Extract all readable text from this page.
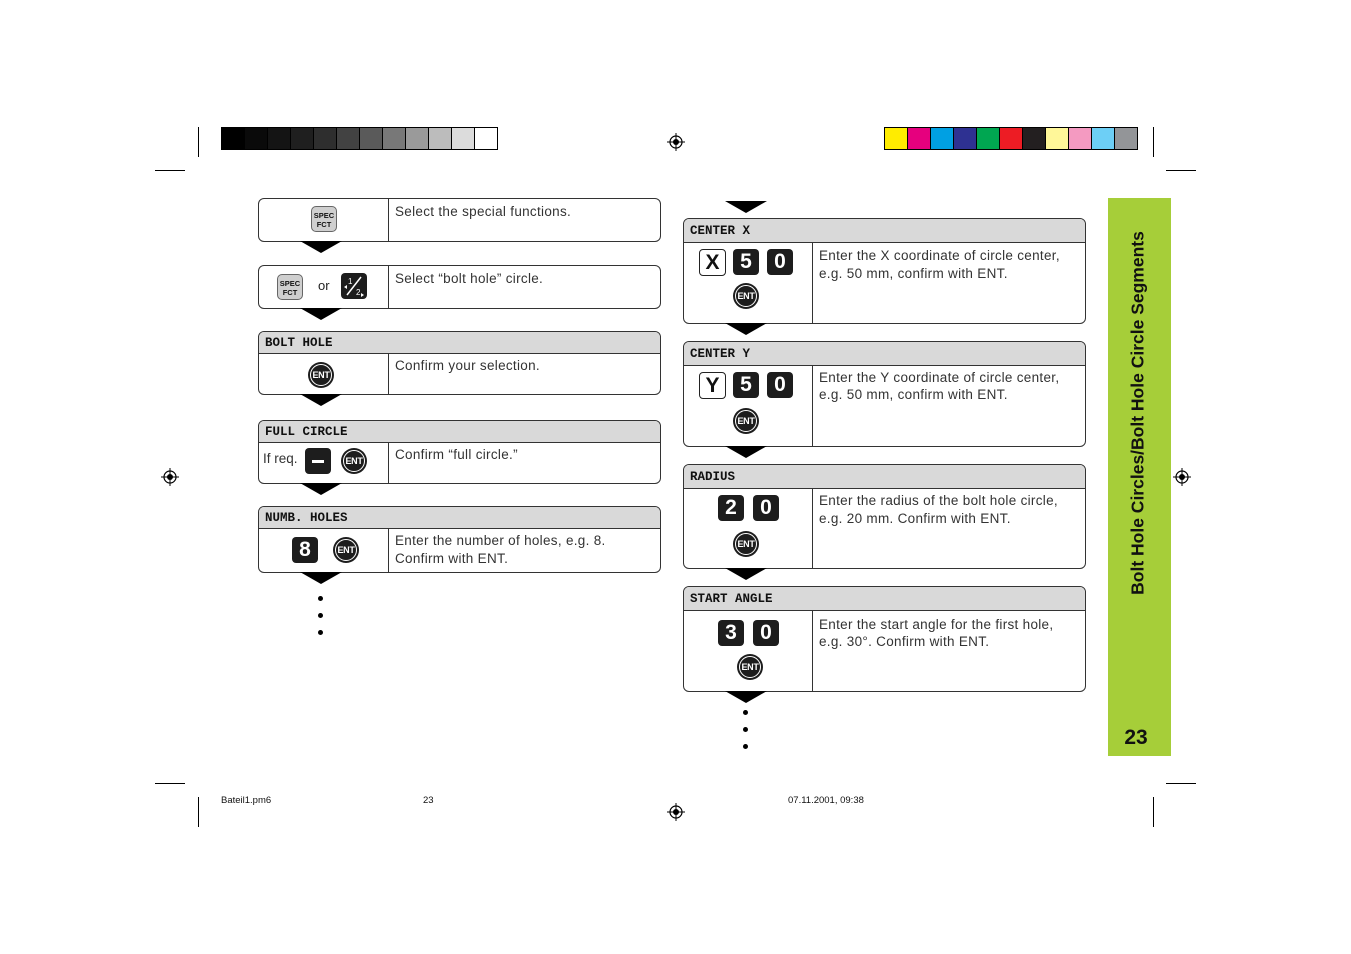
SPEC
FCT
Select the special functions.
SPEC
FCT	or 1
2
Select “bolt hole” circle.
BOLT HOLE
ENT
Confirm your selection.
FULL CIRCLE
If req.	ENT Confirm “full circle.”
NUMB. HOLES
8	ENT
Enter the number of holes, e.g. 8.
Confirm with ENT.
CENTER X
X 5	0
ENT
Enter the X coordinate of circle center,
e.g. 50 mm, confirm with ENT.
CENTER Y
Y 5	0
ENT
Enter the Y coordinate of circle center,
e.g. 50 mm, confirm with ENT.
RADIUS
2	0
ENT
Enter the radius of the bolt hole circle,
e.g. 20 mm. Confirm with ENT.
START ANGLE
3	0
ENT
Enter the start angle for the first hole,
e.g. 30°. Confirm with ENT.
Bolt Hole Circles/Bolt Hole Circle Segments
23
Bateil1.pm6	23	07.11.2001, 09:38
